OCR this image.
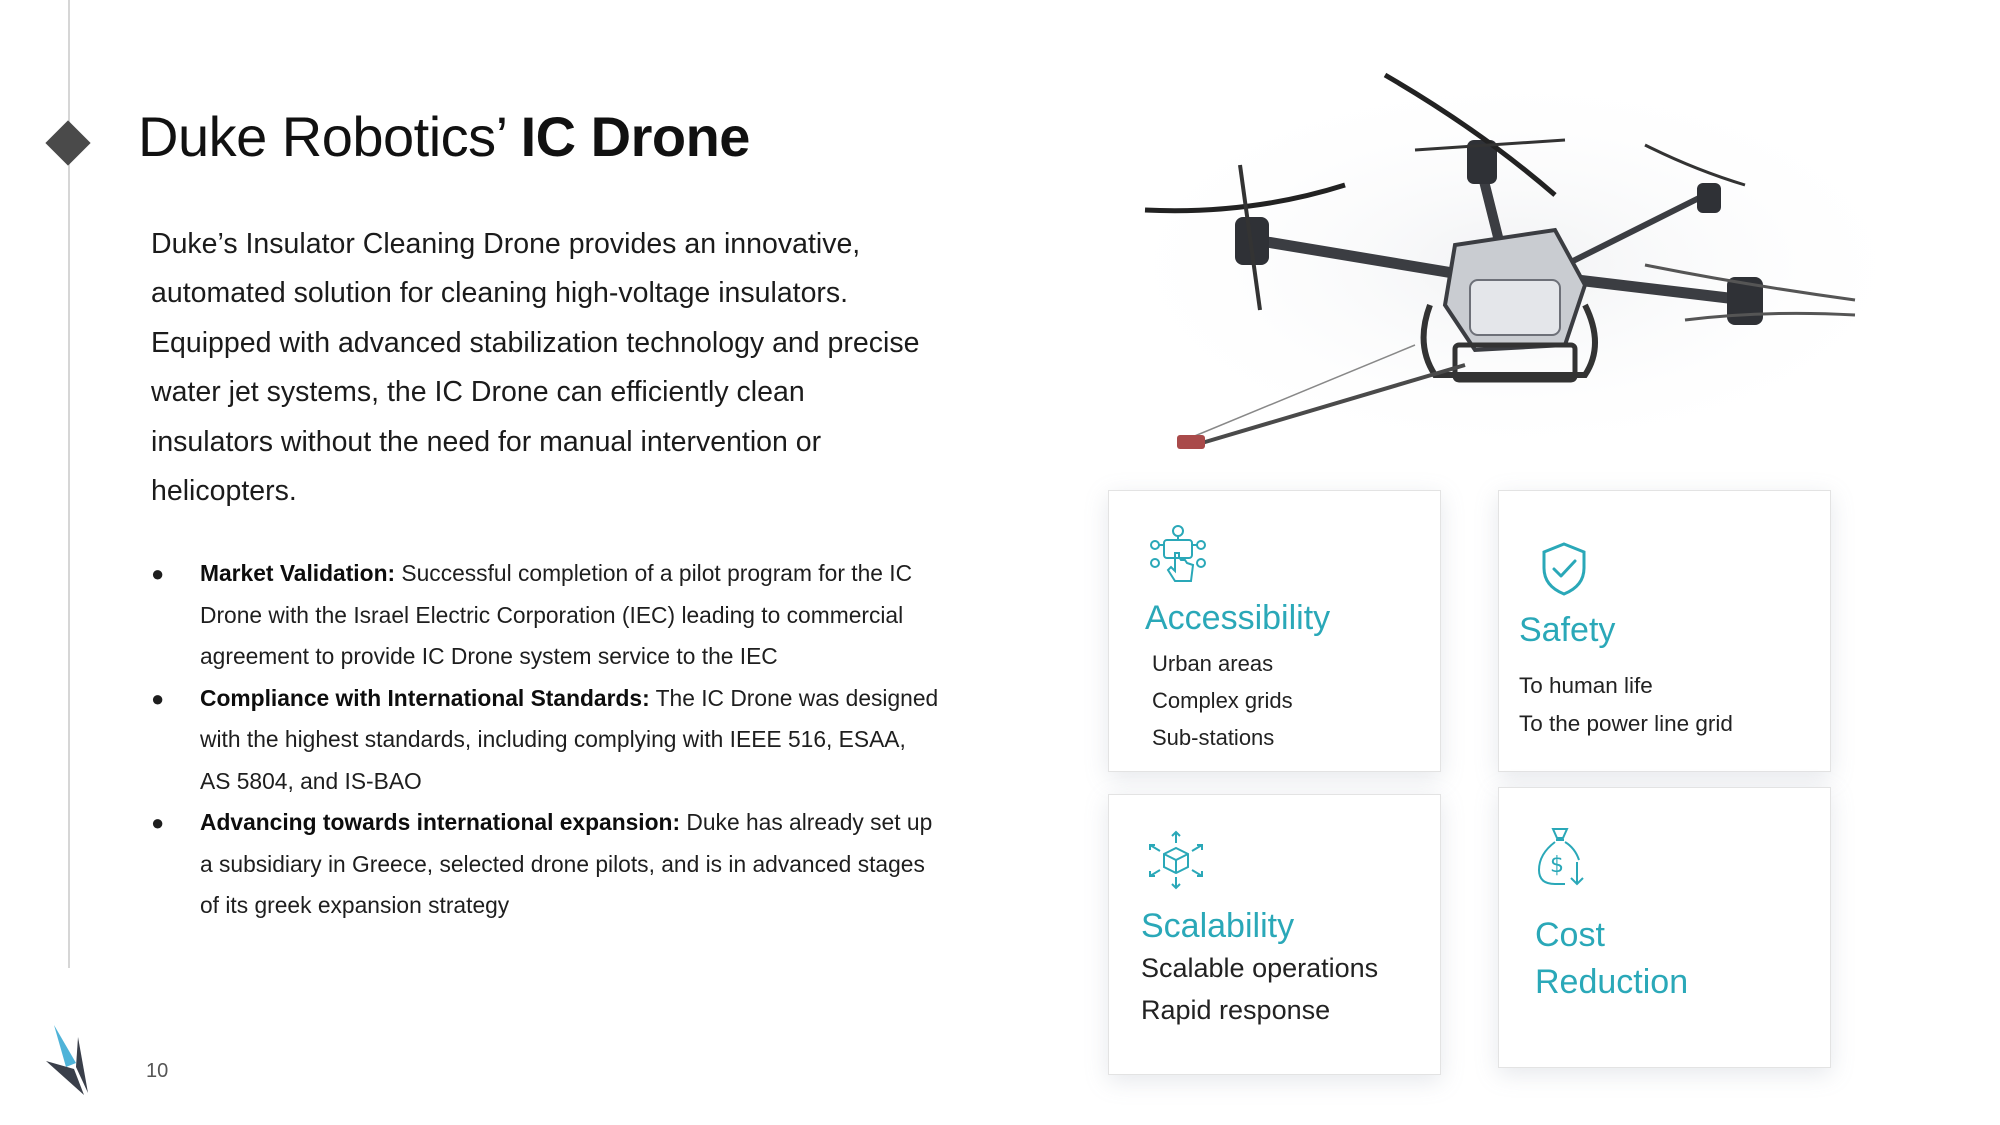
Duke Robotics’ IC Drone

Duke’s Insulator Cleaning Drone provides an innovative, automated solution for cleaning high-voltage insulators. Equipped with advanced stabilization technology and precise water jet systems, the IC Drone can efficiently clean insulators without the need for manual intervention or helicopters.

● Market Validation: Successful completion of a pilot program for the IC Drone with the Israel Electric Corporation (IEC) leading to commercial agreement to provide IC Drone system service to the IEC
● Compliance with International Standards: The IC Drone was designed with the highest standards, including complying with IEEE 516, ESAA, AS 5804, and IS-BAO
● Advancing towards international expansion: Duke has already set up a subsidiary in Greece, selected drone pilots, and is in advanced stages of its greek expansion strategy
Accessibility
Urban areas
Complex grids
Sub-stations
Safety
To human life
To the power line grid
Scalability
Scalable operations
Rapid response
$
Cost
Reduction
10
